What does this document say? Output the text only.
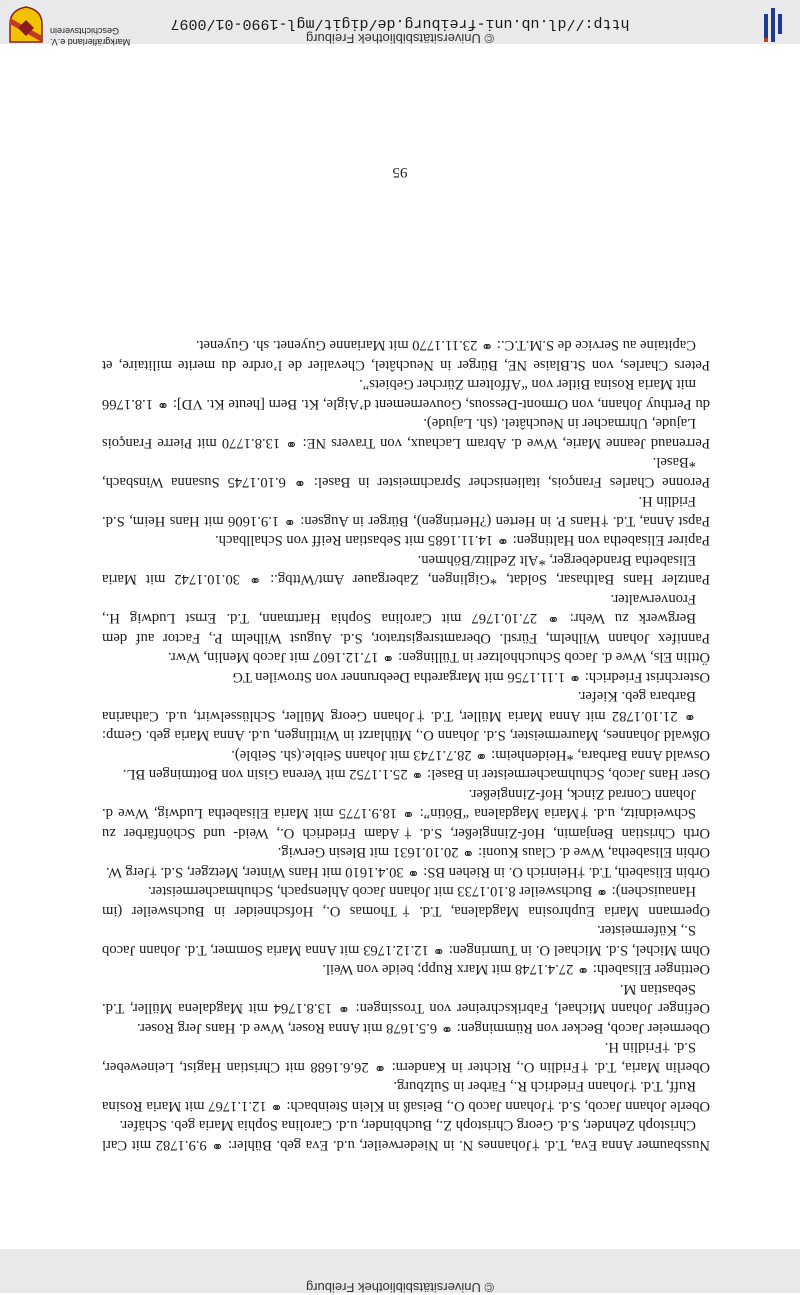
© Universitätsbibliothek Freiburg

Nussbaumer Anna Eva, T.d. †Johannes N. in Niederweiler, u.d. Eva geb. Bühler: ⚭ 9.9.1782 mit Carl Christoph Zehnder, S.d. Georg Christoph Z., Buchbinder, u.d. Carolina Sophia Maria geb. Schäfer.

Oberle Johann Jacob, S.d. †Johann Jacob O., Beisaß in Klein Steinbach: ⚭ 12.1.1767 mit Maria Rosina Ruff, T.d. †Johann Friedrich R., Färber in Sulzburg.

Oberlin Maria, T.d. †Fridlin O., Richter in Kandern: ⚭ 26.6.1688 mit Christian Hagist, Leineweber, S.d. †Fridlin H.

Obermeier Jacob, Becker von Rümmingen: ⚭ 6.5.1678 mit Anna Roser, Wwe d. Hans Jerg Roser.

Oefinger Johann Michael, Fabrikschreiner von Trossingen: ⚭ 13.8.1764 mit Magdalena Müller, T.d. Sebastian M.

Oettinger Elisabeth: ⚭ 27.4.1748 mit Marx Rupp; beide von Weil.

Ohm Michel, S.d. Michael O. in Tumringen: ⚭ 12.12.1763 mit Anna Maria Sommer, T.d. Johann Jacob S., Küfermeister.

Opermann Maria Euphrosina Magdalena, T.d. †Thomas O., Hofschneider in Buchsweiler (im Hanauischen): ⚭ Buchsweiler 8.10.1733 mit Johann Jacob Ahlenspach, Schuhmachermeister.

Orbin Elisabeth, T.d. †Heinrich O. in Riehen BS: ⚭ 30.4.1610 mit Hans Winter, Metzger, S.d. †Jerg W.

Orbin Elisabetha, Wwe d. Claus Kuoni: ⚭ 20.10.1631 mit Blesin Gerwig.

Orth Christian Benjamin, Hof-Zinngießer, S.d. †Adam Friedrich O., Weid- und Schönfärber zu Schweidnitz, u.d. †Maria Magdalena “Bötin”: ⚭ 18.9.1775 mit Maria Elisabetha Ludwig, Wwe d. Johann Conrad Zinck, Hof-Zinngießer.

Oser Hans Jacob, Schuhmachermeister in Basel: ⚭ 25.1.1752 mit Verena Gisin von Bottmingen BL.

Oswald Anna Barbara, *Heidenheim: ⚭ 28.7.1743 mit Johann Seible.(sh. Seible).

Oßwald Johannes, Maurermeister, S.d. Johann O., Mühlarzt in Wittlingen, u.d. Anna Maria geb. Gemp: ⚭ 21.10.1782 mit Anna Maria Müller, T.d. †Johann Georg Müller, Schlüsselwirt, u.d. Catharina Barbara geb. Kiefer.

Osterchrist Friedrich: ⚭ 1.11.1756 mit Margaretha Deebrunner von Strowilen TG

Öttlin Els, Wwe d. Jacob Schuchholtzer in Tüllingen: ⚭ 17.12.1607 mit Jacob Menlin, Wwr.

Pannifex Johann Wilhelm, Fürstl. Oberamtsregistrator, S.d. August Wilhelm P., Factor auf dem Bergwerk zu Wehr: ⚭ 27.10.1767 mit Carolina Sophia Hartmann, T.d. Ernst Ludwig H., Fronverwalter.

Pantzler Hans Balthasar, Soldat, *Giglingen, Zabergauer Amt/Wttbg.: ⚭ 30.10.1742 mit Maria Elisabetha Brandeberger, *Alt Zedlitz/Böhmen.

Papirer Elisabetha von Haltingen: ⚭ 14.11.1685 mit Sebastian Reiff von Schallbach.

Papst Anna, T.d. †Hans P. in Herten (?Hertingen), Bürger in Augsen: ⚭ 1.9.1606 mit Hans Heim, S.d. Fridlin H.

Peronne Charles François, italienischer Sprachmeister in Basel: ⚭ 6.10.1745 Susanna Winsbach, *Basel.

Perrenaud Jeanne Marie, Wwe d. Abram Lachaux, von Travers NE: ⚭ 13.8.1770 mit Pierre François Lajude, Uhrmacher in Neuchâtel. (sh. Lajude).

du Perthuy Johann, von Ormont-Dessous, Gouvernement d’Aigle, Kt. Bern [heute Kt. VD]: ⚭ 1.8.1766 mit Maria Rosina Bitler von “Affoltern Zürcher Gebiets”.

Peters Charles, von St.Blaise NE, Bürger in Neuchâtel, Chevalier de l’ordre du merite militaire, et Capitaine au Service de S.M.T.C.: ⚭ 23.11.1770 mit Marianne Guyenet. sh. Guyenet.

95
© Universitätsbibliothek Freiburg
http://dl.ub.uni-freiburg.de/digit/mgl-1990-01/0097
Markgräflerland e.V.
Geschichtsverein
